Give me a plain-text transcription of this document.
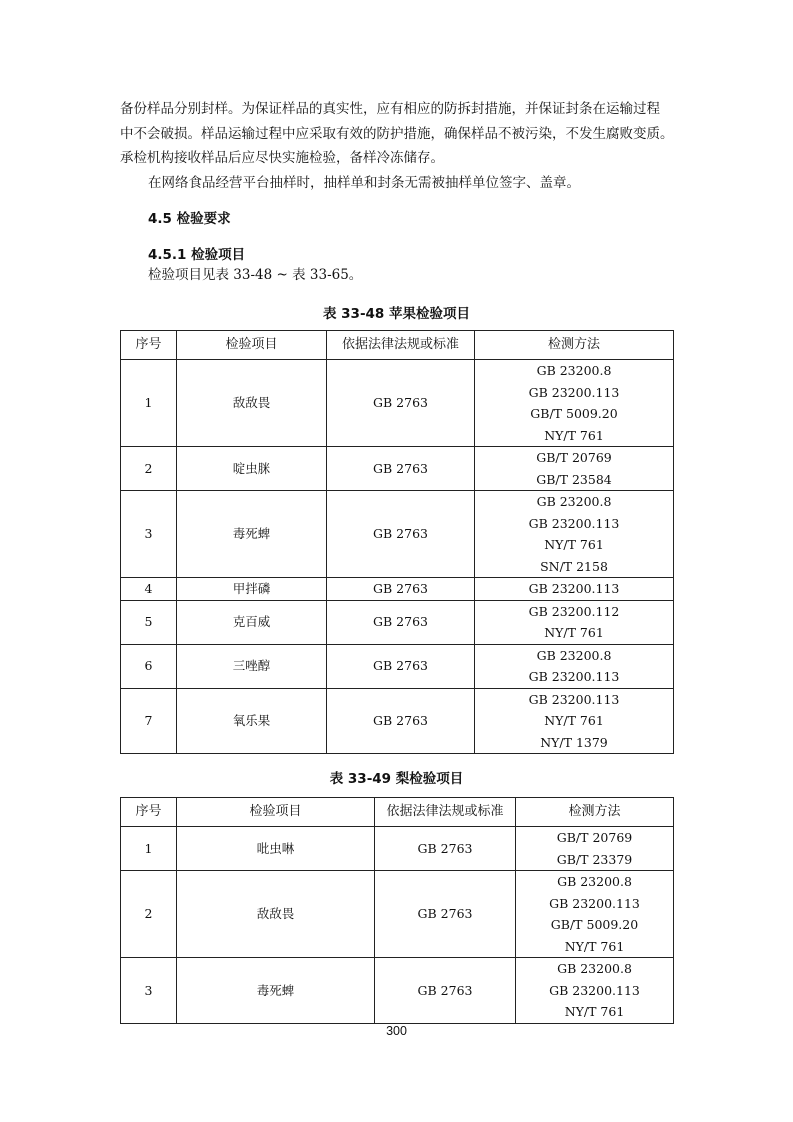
备份样品分别封样。为保证样品的真实性，应有相应的防拆封措施，并保证封条在运输过程
中不会破损。样品运输过程中应采取有效的防护措施，确保样品不被污染，不发生腐败变质。
承检机构接收样品后应尽快实施检验，备样冷冻储存。
在网络食品经营平台抽样时，抽样单和封条无需被抽样单位签字、盖章。
4.5 检验要求
4.5.1 检验项目
检验项目见表 33-48 ~ 表 33-65。
表 33-48 苹果检验项目
序号	检验项目	依据法律法规或标准	检测方法
1	敌敌畏	GB 2763	GB 23200.8
GB 23200.113
GB/T 5009.20
NY/T 761

2	啶虫脒	GB 2763	GB/T 20769
GB/T 23584

3	毒死蜱	GB 2763	GB 23200.8
GB 23200.113
NY/T 761
SN/T 2158

4	甲拌磷	GB 2763	GB 23200.113

5	克百威	GB 2763	GB 23200.112
NY/T 761

6	三唑醇	GB 2763	GB 23200.8
GB 23200.113

7	氧乐果	GB 2763	GB 23200.113
NY/T 761
NY/T 1379
表 33-49 梨检验项目
序号	检验项目	依据法律法规或标准	检测方法
1	吡虫啉	GB 2763	GB/T 20769
GB/T 23379

2	敌敌畏	GB 2763	GB 23200.8
GB 23200.113
GB/T 5009.20
NY/T 761

3	毒死蜱	GB 2763	GB 23200.8
GB 23200.113
NY/T 761
300
